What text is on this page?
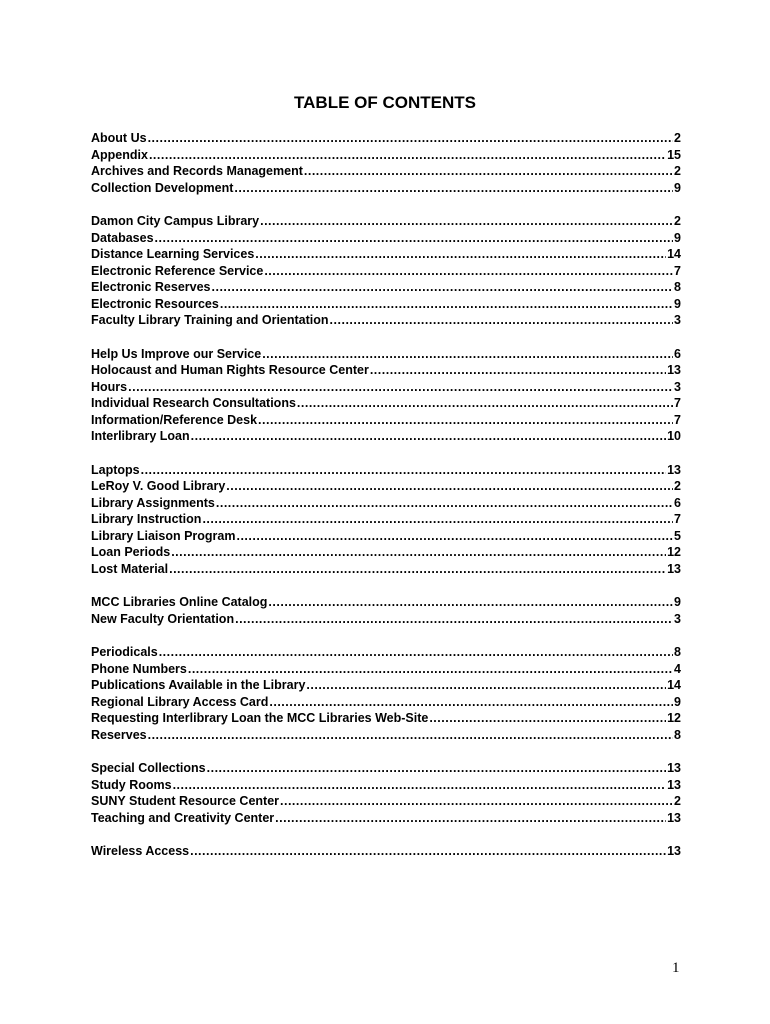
TABLE OF CONTENTS
About Us .....	2
Appendix .....	15
Archives and Records Management .....	2
Collection Development .....	9
Damon City Campus Library .....	2
Databases .....	9
Distance Learning Services .....	14
Electronic Reference Service .....	7
Electronic Reserves .....	8
Electronic Resources .....	9
Faculty Library Training and Orientation .....	3
Help Us Improve our Service .....	6
Holocaust and Human Rights Resource Center .....	13
Hours .....	3
Individual Research Consultations .....	7
Information/Reference Desk .....	7
Interlibrary Loan .....	10
Laptops .....	13
LeRoy V. Good Library .....	2
Library Assignments .....	6
Library Instruction .....	7
Library Liaison Program .....	5
Loan Periods .....	12
Lost Material .....	13
MCC Libraries Online Catalog .....	9
New Faculty Orientation .....	3
Periodicals .....	8
Phone Numbers .....	4
Publications Available in the Library .....	14
Regional Library Access Card .....	9
Requesting Interlibrary Loan the MCC Libraries Web-Site .....	12
Reserves .....	8
Special Collections .....	13
Study Rooms .....	13
SUNY Student Resource Center .....	2
Teaching and Creativity Center .....	13
Wireless Access .....	13
1
